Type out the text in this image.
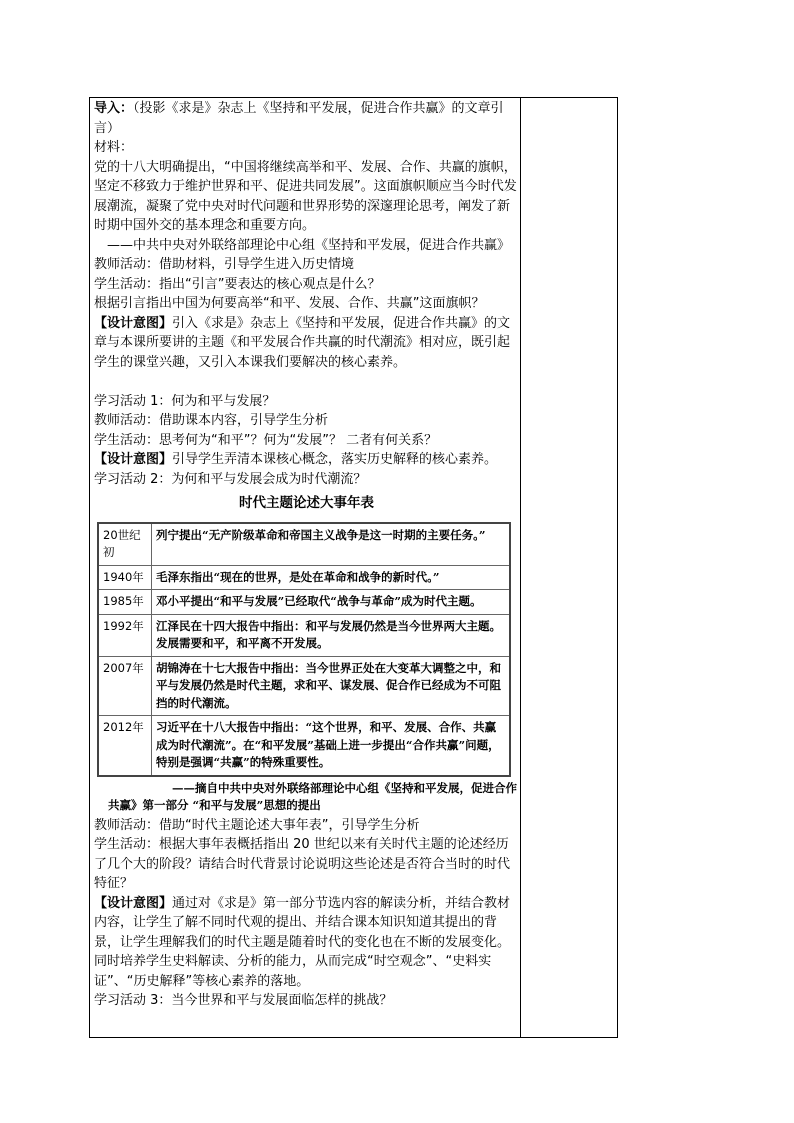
导入：（投影《求是》杂志上《坚持和平发展，促进合作共赢》的文章引言）

材料：

党的十八大明确提出，“中国将继续高举和平、发展、合作、共赢的旗帜，坚定不移致力于维护世界和平、促进共同发展”。这面旗帜顺应当今时代发展潮流，凝聚了党中央对时代问题和世界形势的深邃理论思考，阐发了新时期中国外交的基本理念和重要方向。

——中共中央对外联络部理论中心组《坚持和平发展，促进合作共赢》

教师活动：借助材料，引导学生进入历史情境

学生活动：指出“引言”要表达的核心观点是什么？

根据引言指出中国为何要高举“和平、发展、合作、共赢”这面旗帜？

【设计意图】引入《求是》杂志上《坚持和平发展，促进合作共赢》的文章与本课所要讲的主题《和平发展合作共赢的时代潮流》相对应，既引起学生的课堂兴趣，又引入本课我们要解决的核心素养。

学习活动 1：何为和平与发展？

教师活动：借助课本内容，引导学生分析

学生活动：思考何为“和平”？何为“发展”？ 二者有何关系？

【设计意图】引导学生弄清本课核心概念，落实历史解释的核心素养。

学习活动 2：为何和平与发展会成为时代潮流？

时代主题论述大事年表

20世纪初	列宁提出“无产阶级革命和帝国主义战争是这一时期的主要任务。”
1940年	毛泽东指出“现在的世界，是处在革命和战争的新时代。”
1985年	邓小平提出“和平与发展”已经取代“战争与革命”成为时代主题。
1992年	江泽民在十四大报告中指出：和平与发展仍然是当今世界两大主题。发展需要和平，和平离不开发展。
2007年	胡锦涛在十七大报告中指出：当今世界正处在大变革大调整之中，和平与发展仍然是时代主题，求和平、谋发展、促合作已经成为不可阻挡的时代潮流。
2012年	习近平在十八大报告中指出：“这个世界，和平、发展、合作、共赢成为时代潮流”。在“和平发展”基础上进一步提出“合作共赢”问题，特别是强调“共赢”的特殊重要性。

——摘自中共中央对外联络部理论中心组《坚持和平发展，促进合作共赢》第一部分 “和平与发展”思想的提出

教师活动：借助“时代主题论述大事年表”，引导学生分析

学生活动：根据大事年表概括指出 20 世纪以来有关时代主题的论述经历了几个大的阶段？请结合时代背景讨论说明这些论述是否符合当时的时代特征？

【设计意图】通过对《求是》第一部分节选内容的解读分析，并结合教材内容，让学生了解不同时代观的提出、并结合课本知识知道其提出的背景，让学生理解我们的时代主题是随着时代的变化也在不断的发展变化。同时培养学生史料解读、分析的能力，从而完成“时空观念”、“史料实证”、“历史解释”等核心素养的落地。

学习活动 3：当今世界和平与发展面临怎样的挑战？
